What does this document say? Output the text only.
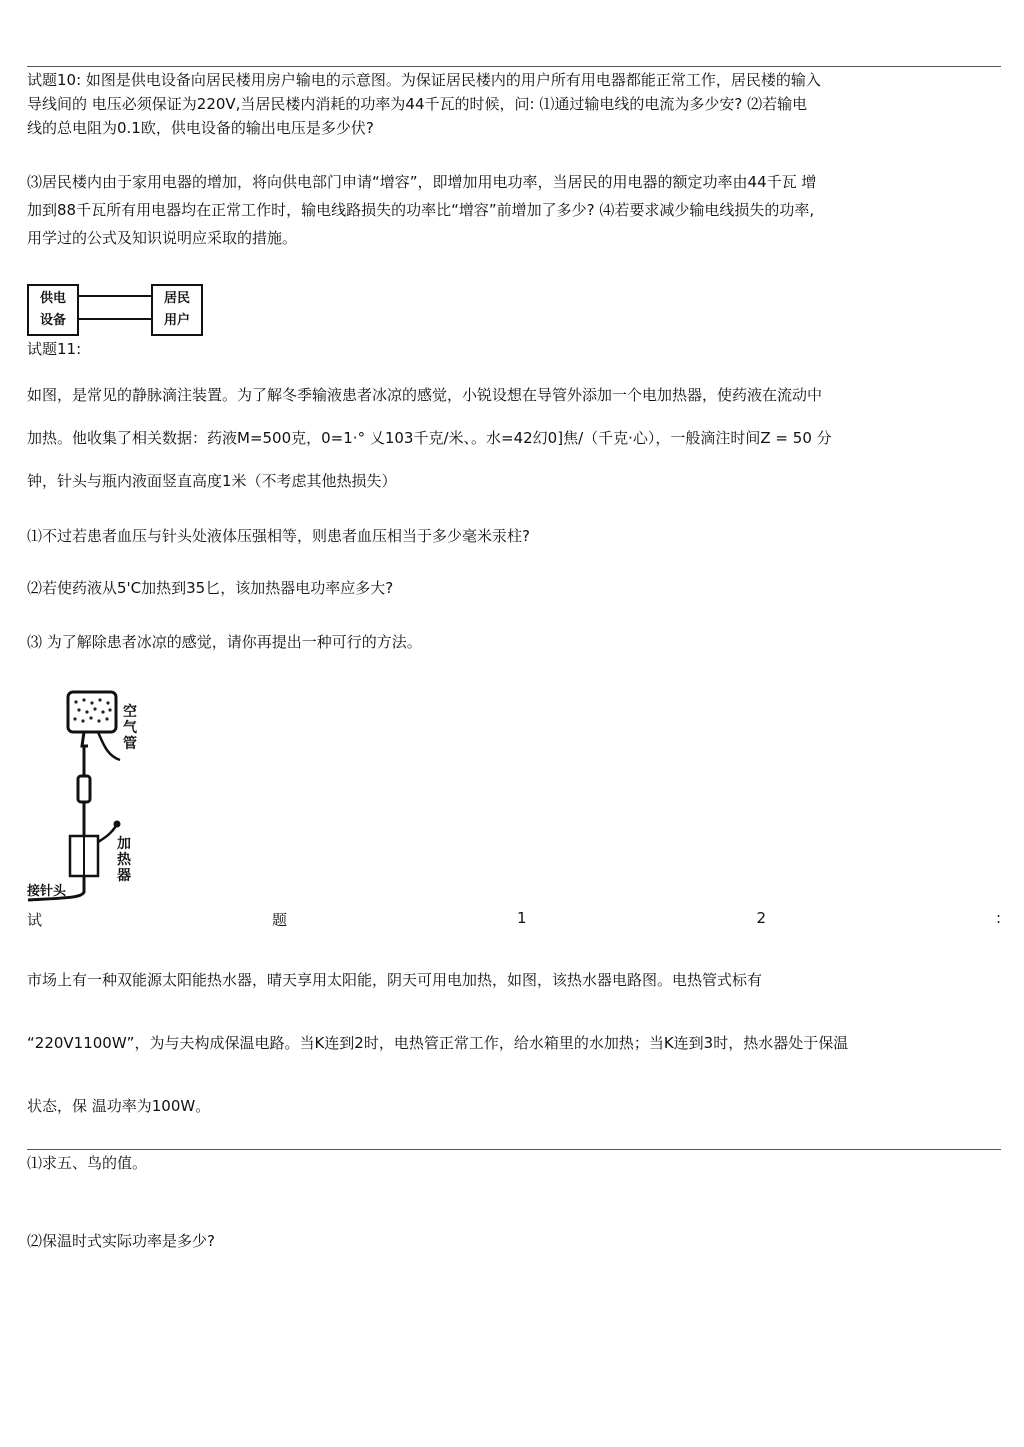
试题10: 如图是供电设备向居民楼用房户输电的示意图。为保证居民楼内的用户所有用电器都能正常工作，居民楼的输入
导线间的 电压必须保证为220V,当居民楼内消耗的功率为44千瓦的时候，问: ⑴通过输电线的电流为多少安? ⑵若输电
线的总电阻为0.1欧，供电设备的输出电压是多少伏?
⑶居民楼内由于家用电器的增加，将向供电部门申请“增容”，即增加用电功率，当居民的用电器的额定功率由44千瓦 增
加到88千瓦所有用电器均在正常工作时，输电线路损失的功率比“增容”前增加了多少? ⑷若要求减少输电线损失的功率,
用学过的公式及知识说明应采取的措施。
供电
设备
居民
用户
试题11:
如图，是常见的静脉滴注装置。为了解冬季输液患者冰凉的感觉，小锐设想在导管外添加一个电加热器，使药液在流动中
加热。他收集了相关数据：药液M=500克，0=1·° 乂103千克/米、。水=42幻0]焦/（千克·心），一般滴注时间Z = 50 分
钟，针头与瓶内液面竖直高度1米（不考虑其他热损失）
⑴不过若患者血压与针头处液体压强相等，则患者血压相当于多少毫米汞柱?
⑵若使药液从5'C加热到35匕，该加热器电功率应多大?
⑶ 为了解除患者冰凉的感觉，请你再提出一种可行的方法。
空气管
加热器
接针头
试	题	1	2	:
市场上有一种双能源太阳能热水器，晴天享用太阳能，阴天可用电加热，如图，该热水器电路图。电热管式标有
“220V1100W”，为与夫构成保温电路。当K连到2时，电热管正常工作，给水箱里的水加热；当K连到3时，热水器处于保温
状态，保 温功率为100W。
⑴求五、鸟的值。
⑵保温时式实际功率是多少?
